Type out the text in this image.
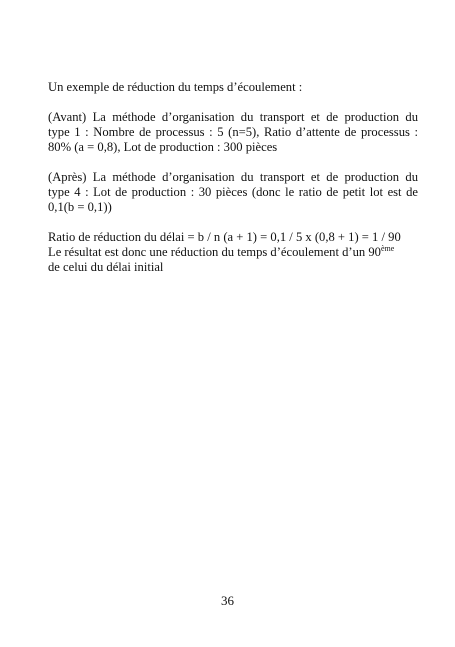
Un exemple de réduction du temps d’écoulement :

(Avant) La méthode d’organisation du transport et de production du
type 1 : Nombre de processus : 5 (n=5), Ratio d’attente de processus :
80% (a = 0,8), Lot de production : 300 pièces

(Après) La méthode d’organisation du transport et de production du
type 4 : Lot de production : 30 pièces (donc le ratio de petit lot est de
0,1(b = 0,1))

Ratio de réduction du délai = b / n (a + 1) = 0,1 / 5 x (0,8 + 1) = 1 / 90
Le résultat est donc une réduction du temps d’écoulement d’un 90ème
de celui du délai initial

36
